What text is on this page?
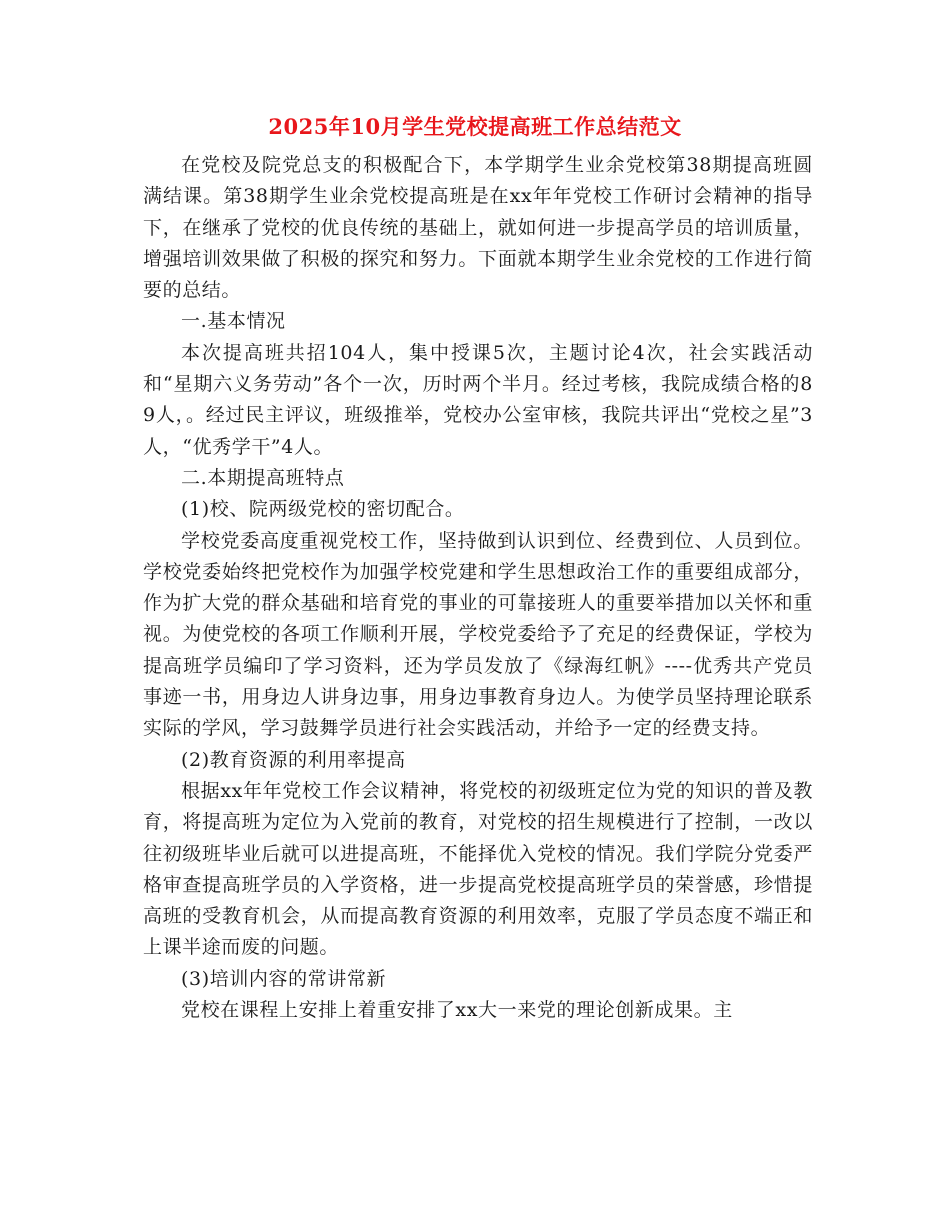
2025年10月学生党校提高班工作总结范文

在党校及院党总支的积极配合下，本学期学生业余党校第38期提高班圆满结课。第38期学生业余党校提高班是在xx年年党校工作研讨会精神的指导下，在继承了党校的优良传统的基础上，就如何进一步提高学员的培训质量，增强培训效果做了积极的探究和努力。下面就本期学生业余党校的工作进行简要的总结。

一.基本情况

本次提高班共招104人，集中授课5次，主题讨论4次，社会实践活动和“星期六义务劳动”各个一次，历时两个半月。经过考核，我院成绩合格的89人，。经过民主评议，班级推举，党校办公室审核，我院共评出“党校之星”3人，“优秀学干”4人。

二.本期提高班特点

(1)校、院两级党校的密切配合。

学校党委高度重视党校工作，坚持做到认识到位、经费到位、人员到位。学校党委始终把党校作为加强学校党建和学生思想政治工作的重要组成部分，作为扩大党的群众基础和培育党的事业的可靠接班人的重要举措加以关怀和重视。为使党校的各项工作顺利开展，学校党委给予了充足的经费保证，学校为提高班学员编印了学习资料，还为学员发放了《绿海红帆》----优秀共产党员事迹一书，用身边人讲身边事，用身边事教育身边人。为使学员坚持理论联系实际的学风，学习鼓舞学员进行社会实践活动，并给予一定的经费支持。

(2)教育资源的利用率提高

根据xx年年党校工作会议精神，将党校的初级班定位为党的知识的普及教育，将提高班为定位为入党前的教育，对党校的招生规模进行了控制，一改以往初级班毕业后就可以进提高班，不能择优入党校的情况。我们学院分党委严格审查提高班学员的入学资格，进一步提高党校提高班学员的荣誉感，珍惜提高班的受教育机会，从而提高教育资源的利用效率，克服了学员态度不端正和上课半途而废的问题。

(3)培训内容的常讲常新

党校在课程上安排上着重安排了xx大一来党的理论创新成果。主
